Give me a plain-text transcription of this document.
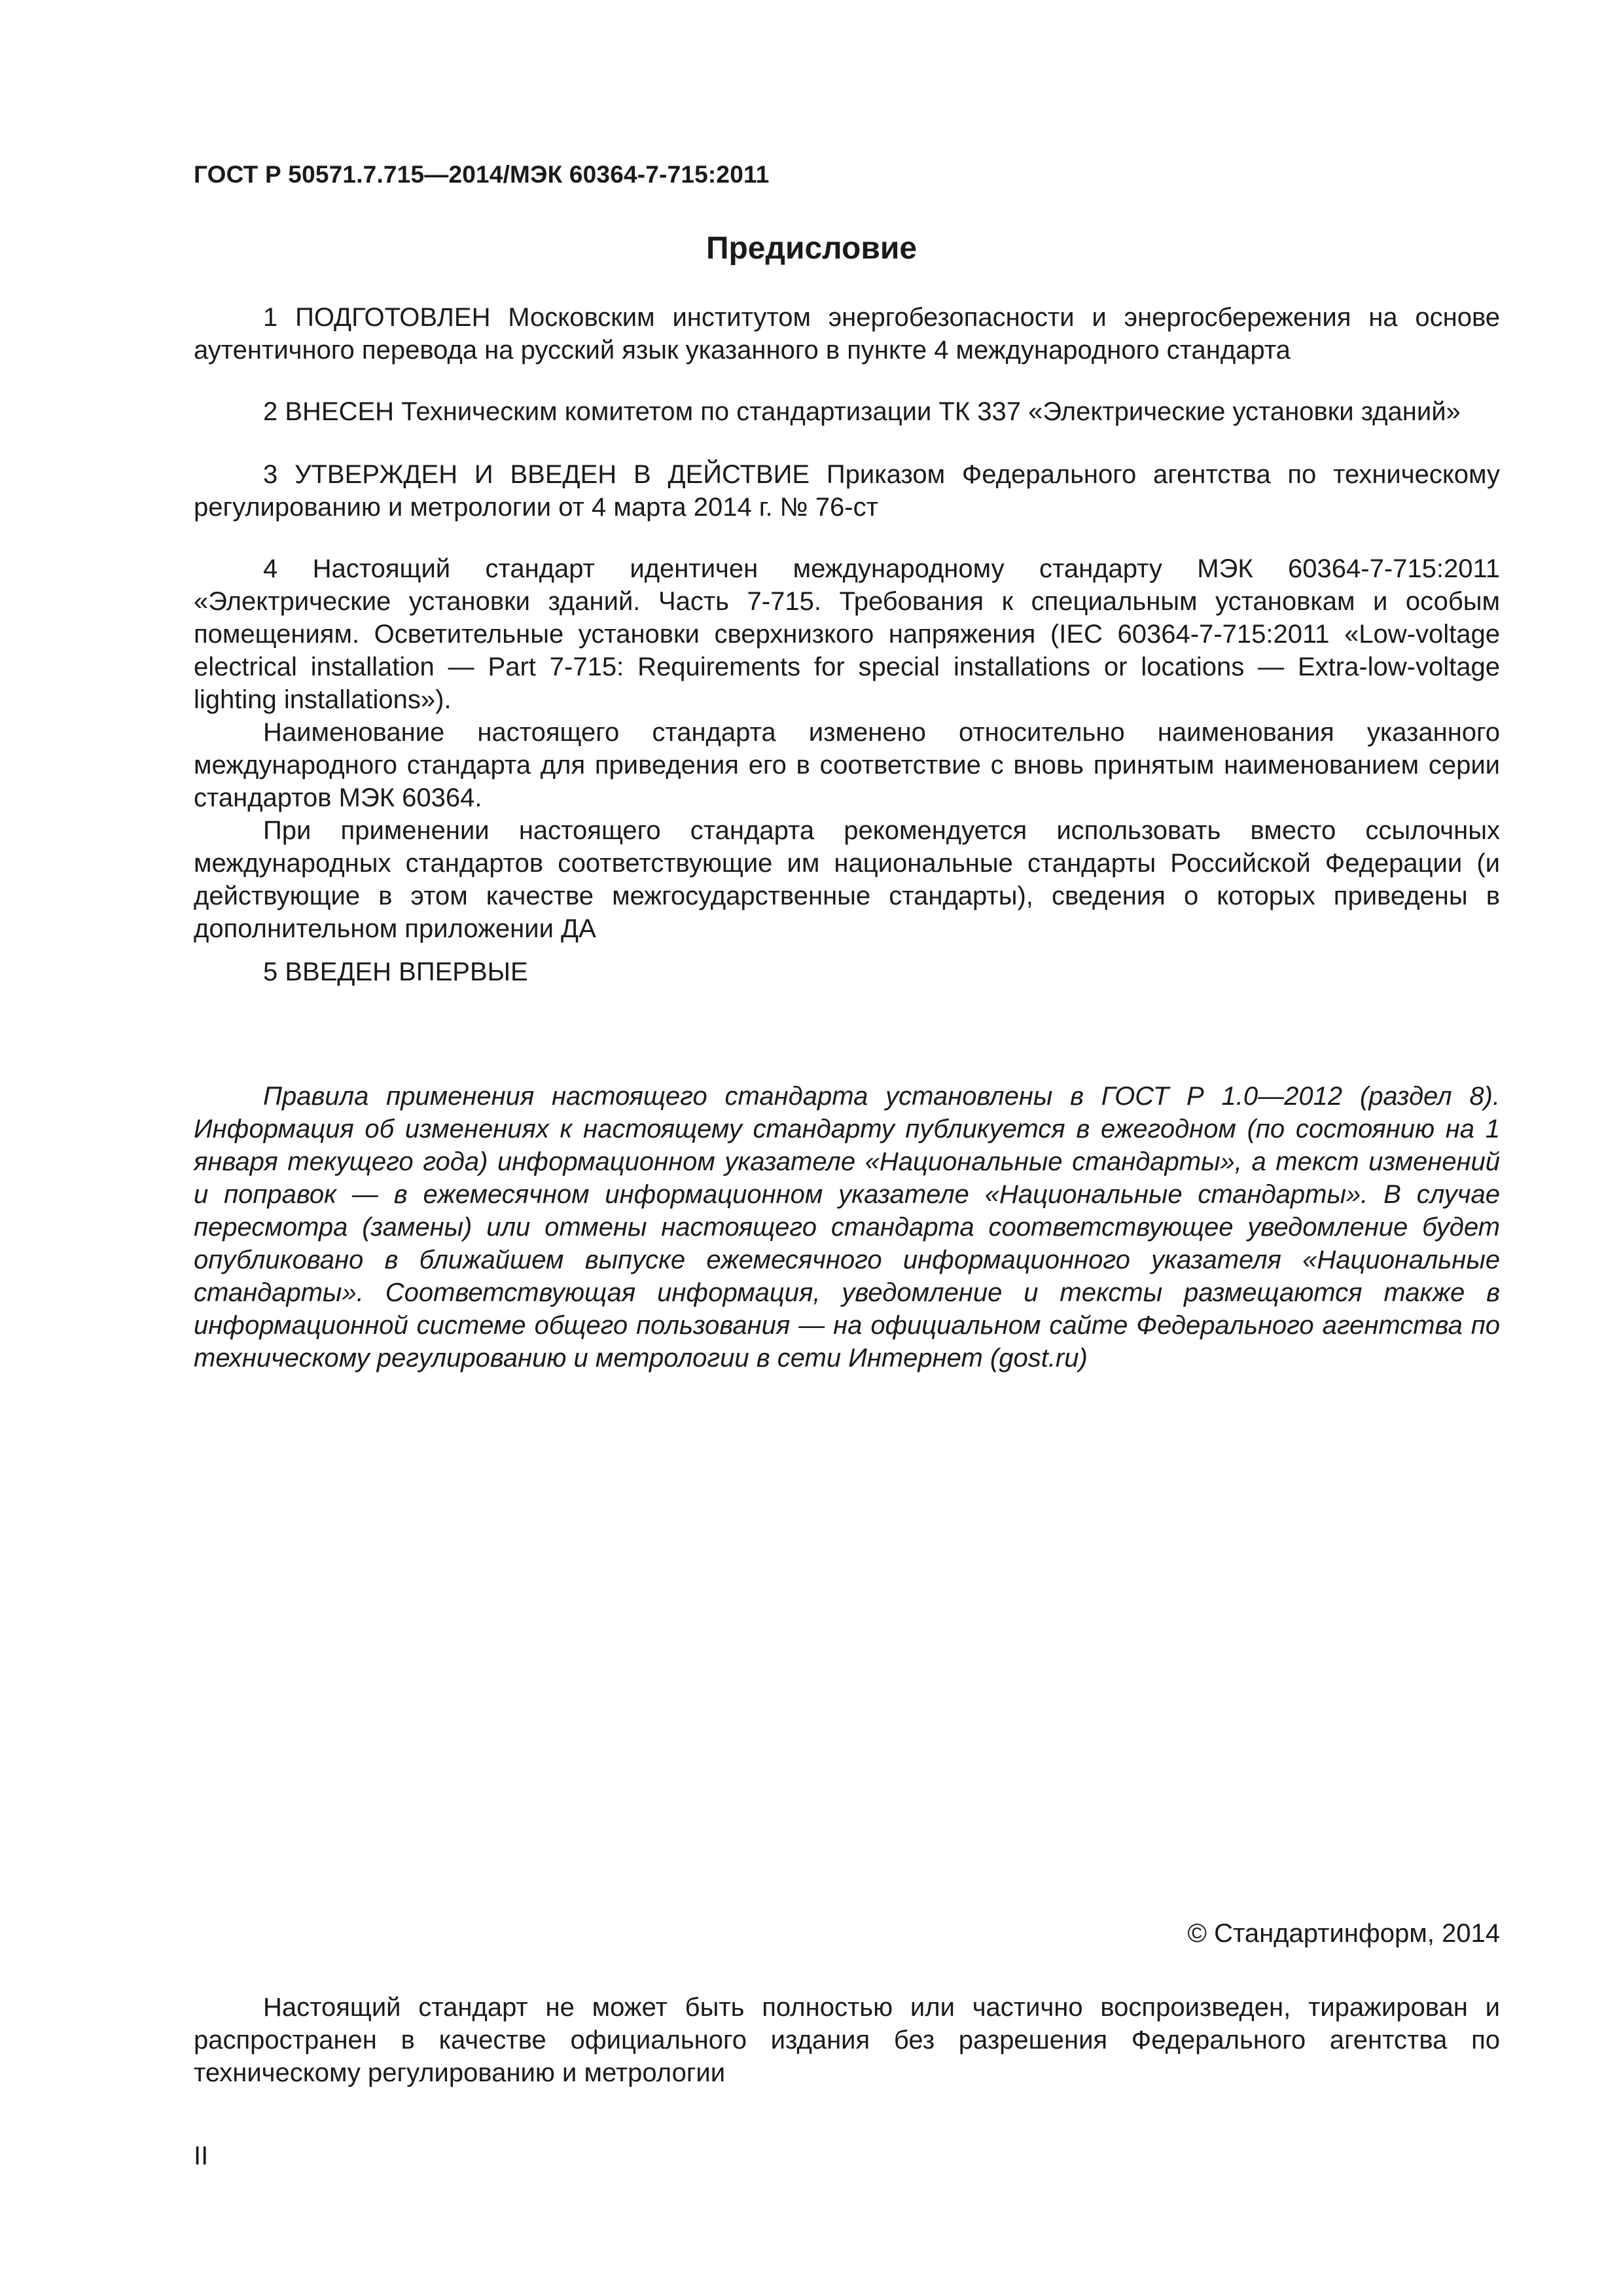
ГОСТ Р 50571.7.715—2014/МЭК 60364-7-715:2011
Предисловие

1 ПОДГОТОВЛЕН Московским институтом энергобезопасности и энергосбережения на основе аутентичного перевода на русский язык указанного в пункте 4 международного стандарта

2 ВНЕСЕН Техническим комитетом по стандартизации ТК 337 «Электрические установки зданий»

3 УТВЕРЖДЕН И ВВЕДЕН В ДЕЙСТВИЕ Приказом Федерального агентства по техническому регулированию и метрологии от 4 марта 2014 г. № 76-ст

4 Настоящий стандарт идентичен международному стандарту МЭК 60364-7-715:2011 «Электрические установки зданий. Часть 7-715. Требования к специальным установкам и особым помещениям. Осветительные установки сверхнизкого напряжения (IEC 60364-7-715:2011 «Low-voltage electrical installation — Part 7-715: Requirements for special installations or locations — Extra-low-voltage lighting installations»).

Наименование настоящего стандарта изменено относительно наименования указанного международного стандарта для приведения его в соответствие с вновь принятым наименованием серии стандартов МЭК 60364.

При применении настоящего стандарта рекомендуется использовать вместо ссылочных международных стандартов соответствующие им национальные стандарты Российской Федерации (и действующие в этом качестве межгосударственные стандарты), сведения о которых приведены в дополнительном приложении ДА

5 ВВЕДЕН ВПЕРВЫЕ

Правила применения настоящего стандарта установлены в ГОСТ Р 1.0—2012 (раздел 8). Информация об изменениях к настоящему стандарту публикуется в ежегодном (по состоянию на 1 января текущего года) информационном указателе «Национальные стандарты», а текст изменений и поправок — в ежемесячном информационном указателе «Национальные стандарты». В случае пересмотра (замены) или отмены настоящего стандарта соответствующее уведомление будет опубликовано в ближайшем выпуске ежемесячного информационного указателя «Национальные стандарты». Соответствующая информация, уведомление и тексты размещаются также в информационной системе общего пользования — на официальном сайте Федерального агентства по техническому регулированию и метрологии в сети Интернет (gost.ru)

© Стандартинформ, 2014

Настоящий стандарт не может быть полностью или частично воспроизведен, тиражирован и распространен в качестве официального издания без разрешения Федерального агентства по техническому регулированию и метрологии

II
